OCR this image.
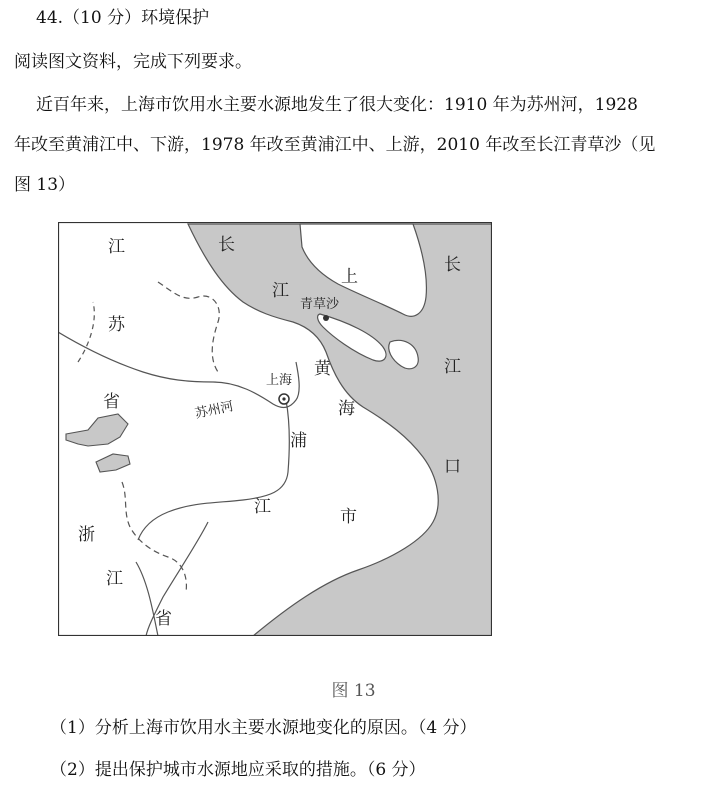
44.（10 分）环境保护
阅读图文资料，完成下列要求。
近百年来，上海市饮用水主要水源地发生了很大变化：1910 年为苏州河，1928
年改至黄浦江中、下游，1978 年改至黄浦江中、上游，2010 年改至长江青草沙（见
图 13）
江
苏
省
长
江
上
青草沙
长
江
口
上海
苏州河
黄
海
浦
江	市
浙
江
省
图 13
（1）分析上海市饮用水主要水源地变化的原因。（4 分）
（2）提出保护城市水源地应采取的措施。（6 分）
